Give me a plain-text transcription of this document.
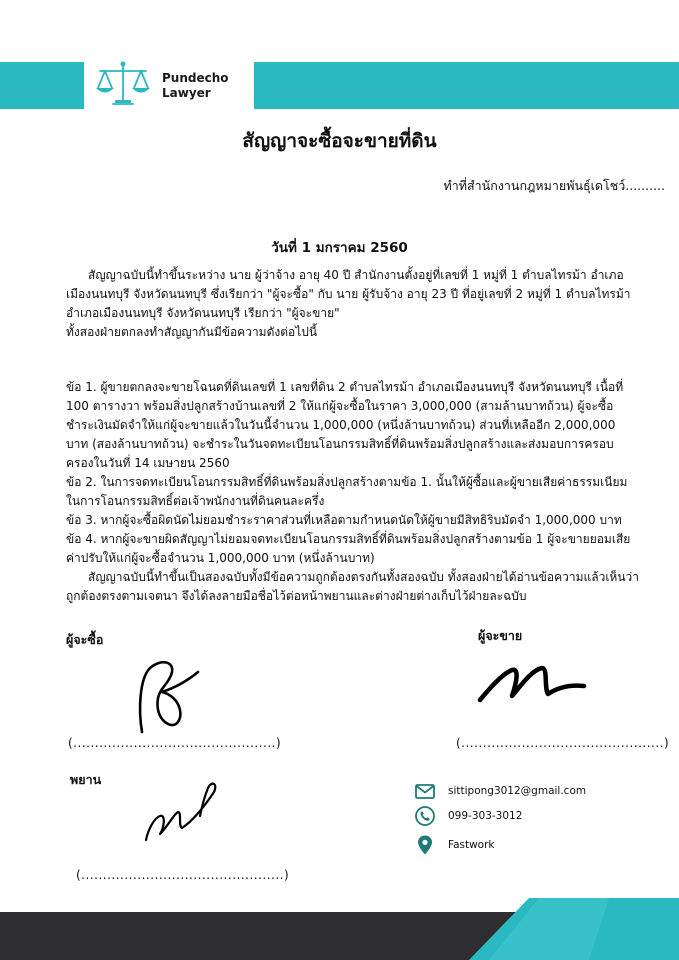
Pundecho
Lawyer
สัญญาจะซื้อจะขายที่ดิน
ทำที่สำนักงานกฎหมายพันธุ์เดโชว์..........
วันที่ 1 มกราคม 2560

สัญญาฉบับนี้ทำขึ้นระหว่าง นาย ผู้ว่าจ้าง อายุ 40 ปี สำนักงานตั้งอยู่ที่เลขที่ 1 หมู่ที่ 1 ตำบลไทรม้า อำเภอเมืองนนทบุรี จังหวัดนนทบุรี ซึ่งเรียกว่า "ผู้จะซื้อ" กับ นาย ผู้รับจ้าง อายุ 23 ปี ที่อยู่เลขที่ 2 หมู่ที่ 1 ตำบลไทรม้า อำเภอเมืองนนทบุรี จังหวัดนนทบุรี เรียกว่า "ผู้จะขาย"

ทั้งสองฝ่ายตกลงทำสัญญากันมีข้อความดังต่อไปนี้

ข้อ 1. ผู้ขายตกลงจะขายโฉนดที่ดินเลขที่ 1 เลขที่ดิน 2 ตำบลไทรม้า อำเภอเมืองนนทบุรี จังหวัดนนทบุรี เนื้อที่ 100 ตารางวา พร้อมสิ่งปลูกสร้างบ้านเลขที่ 2 ให้แก่ผู้จะซื้อในราคา 3,000,000 (สามล้านบาทถ้วน) ผู้จะซื้อชำระเงินมัดจำให้แก่ผู้จะขายแล้วในวันนี้จำนวน 1,000,000 (หนึ่งล้านบาทถ้วน) ส่วนที่เหลืออีก 2,000,000 บาท (สองล้านบาทถ้วน) จะชำระในวันจดทะเบียนโอนกรรมสิทธิ์ที่ดินพร้อมสิ่งปลูกสร้างและส่งมอบการครอบครองในวันที่ 14 เมษายน 2560

ข้อ 2. ในการจดทะเบียนโอนกรรมสิทธิ์ที่ดินพร้อมสิ่งปลูกสร้างตามข้อ 1. นั้นให้ผู้ซื้อและผู้ขายเสียค่าธรรมเนียมในการโอนกรรมสิทธิ์ต่อเจ้าพนักงานที่ดินคนละครึ่ง

ข้อ 3. หากผู้จะซื้อผิดนัดไม่ยอมชำระราคาส่วนที่เหลือตามกำหนดนัดให้ผู้ขายมีสิทธิริบมัดจำ 1,000,000 บาท

ข้อ 4. หากผู้จะขายผิดสัญญาไม่ยอมจดทะเบียนโอนกรรมสิทธิ์ที่ดินพร้อมสิ่งปลูกสร้างตามข้อ 1 ผู้จะขายยอมเสียค่าปรับให้แก่ผู้จะซื้อจำนวน 1,000,000 บาท (หนึ่งล้านบาท)

สัญญาฉบับนี้ทำขึ้นเป็นสองฉบับทั้งมีข้อความถูกต้องตรงกันทั้งสองฉบับ ทั้งสองฝ่ายได้อ่านข้อความแล้วเห็นว่าถูกต้องตรงตามเจตนา จึงได้ลงลายมือชื่อไว้ต่อหน้าพยานและต่างฝ่ายต่างเก็บไว้ฝ่ายละฉบับ

ผู้จะซื้อ	ผู้จะขาย
พยาน
(...............................................)	(...............................................)
(...............................................)
sittipong3012@gmail.com
099-303-3012
Fastwork
